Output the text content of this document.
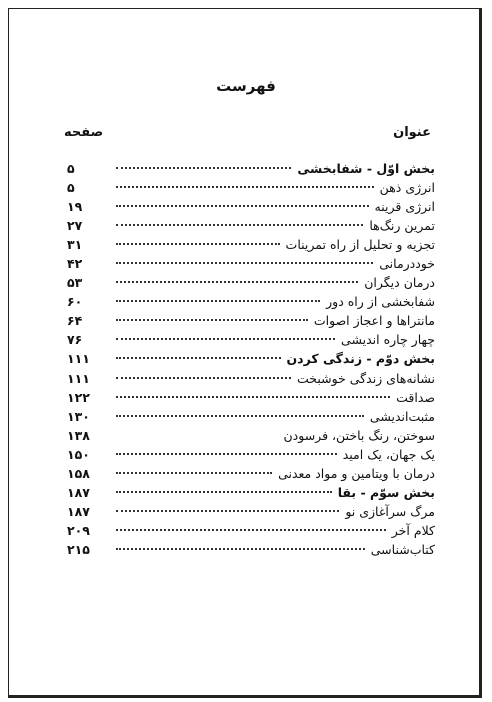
فهرست
عنوان
صفحه
بخش اوّل - شفابخشی
۵
انرژی ذهن
۵
انرژی قرینه
۱۹
تمرین رنگ‌ها
۲۷
تجزیه و تحلیل از راه تمرینات
۳۱
خوددرمانی
۴۲
درمان دیگران
۵۳
شفابخشی از راه دور
۶۰
مانتراها و اعجاز اصوات
۶۴
چهار چاره اندیشی
۷۶
بخش دوّم - زندگی کردن
۱۱۱
نشانه‌های زندگی خوشبخت
۱۱۱
صداقت
۱۲۲
مثبت‌اندیشی
۱۳۰
سوختن، رنگ باختن، فرسودن
۱۳۸
یک جهان، یک امید
۱۵۰
درمان با ویتامین و مواد معدنی
۱۵۸
بخش سوّم - بقا
۱۸۷
مرگ سرآغازی نو
۱۸۷
کلام آخر
۲۰۹
کتاب‌شناسی
۲۱۵
